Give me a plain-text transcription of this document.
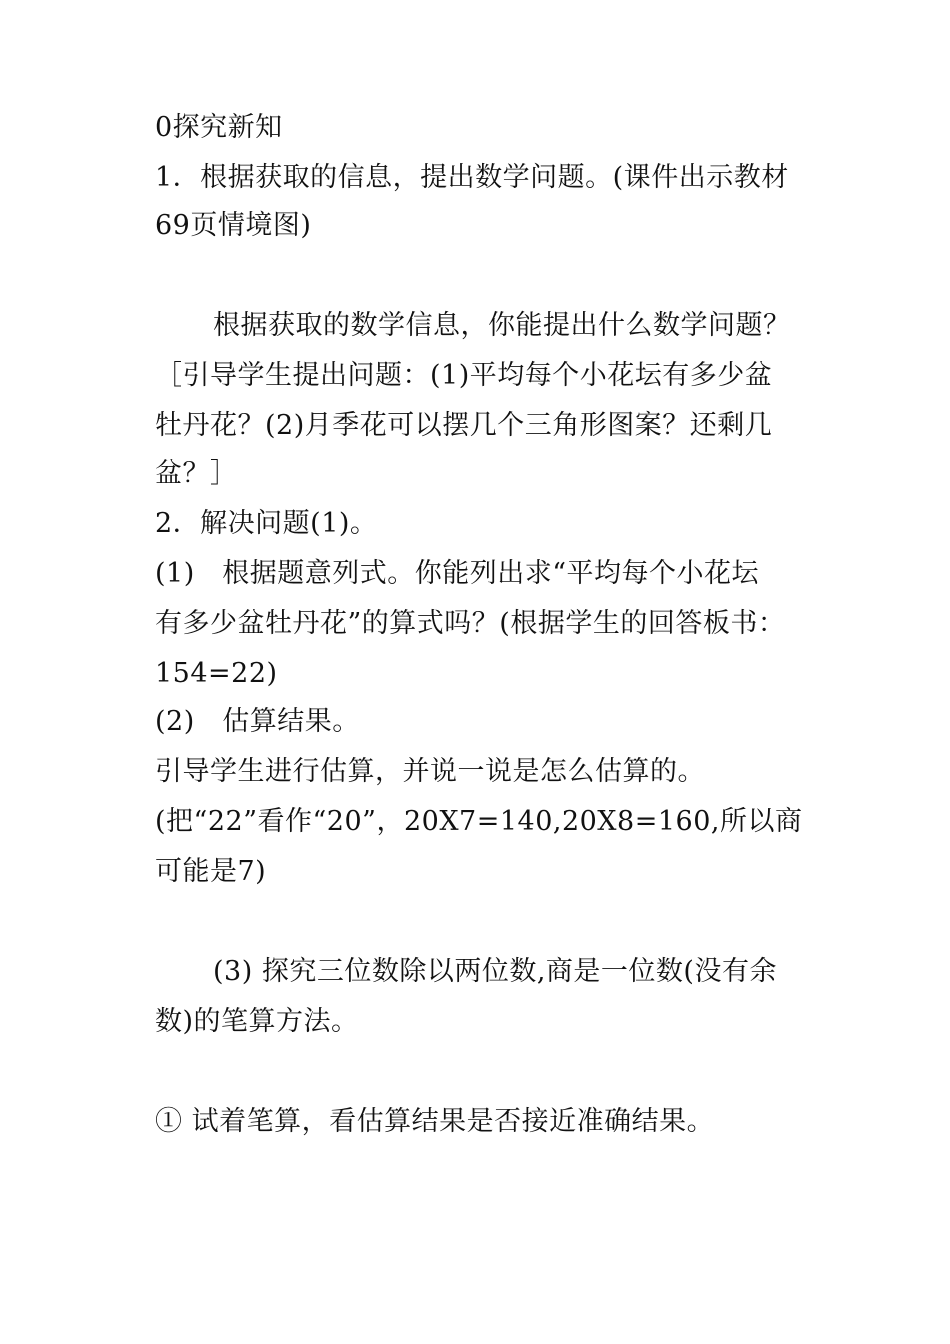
0探究新知
1．根据获取的信息，提出数学问题。(课件出示教材
69页情境图)
根据获取的数学信息，你能提出什么数学问题？
［引导学生提出问题：(1)平均每个小花坛有多少盆
牡丹花？(2)月季花可以摆几个三角形图案？还剩几
盆？］
2．解决问题(1)。
(1)　根据题意列式。你能列出求“平均每个小花坛
有多少盆牡丹花”的算式吗？(根据学生的回答板书：
154=22)
(2)　估算结果。
引导学生进行估算，并说一说是怎么估算的。
(把“22”看作“20”，20X7=140,20X8=160,所以商
可能是7)
(3) 探究三位数除以两位数,商是一位数(没有余
数)的笔算方法。
① 试着笔算，看估算结果是否接近准确结果。
